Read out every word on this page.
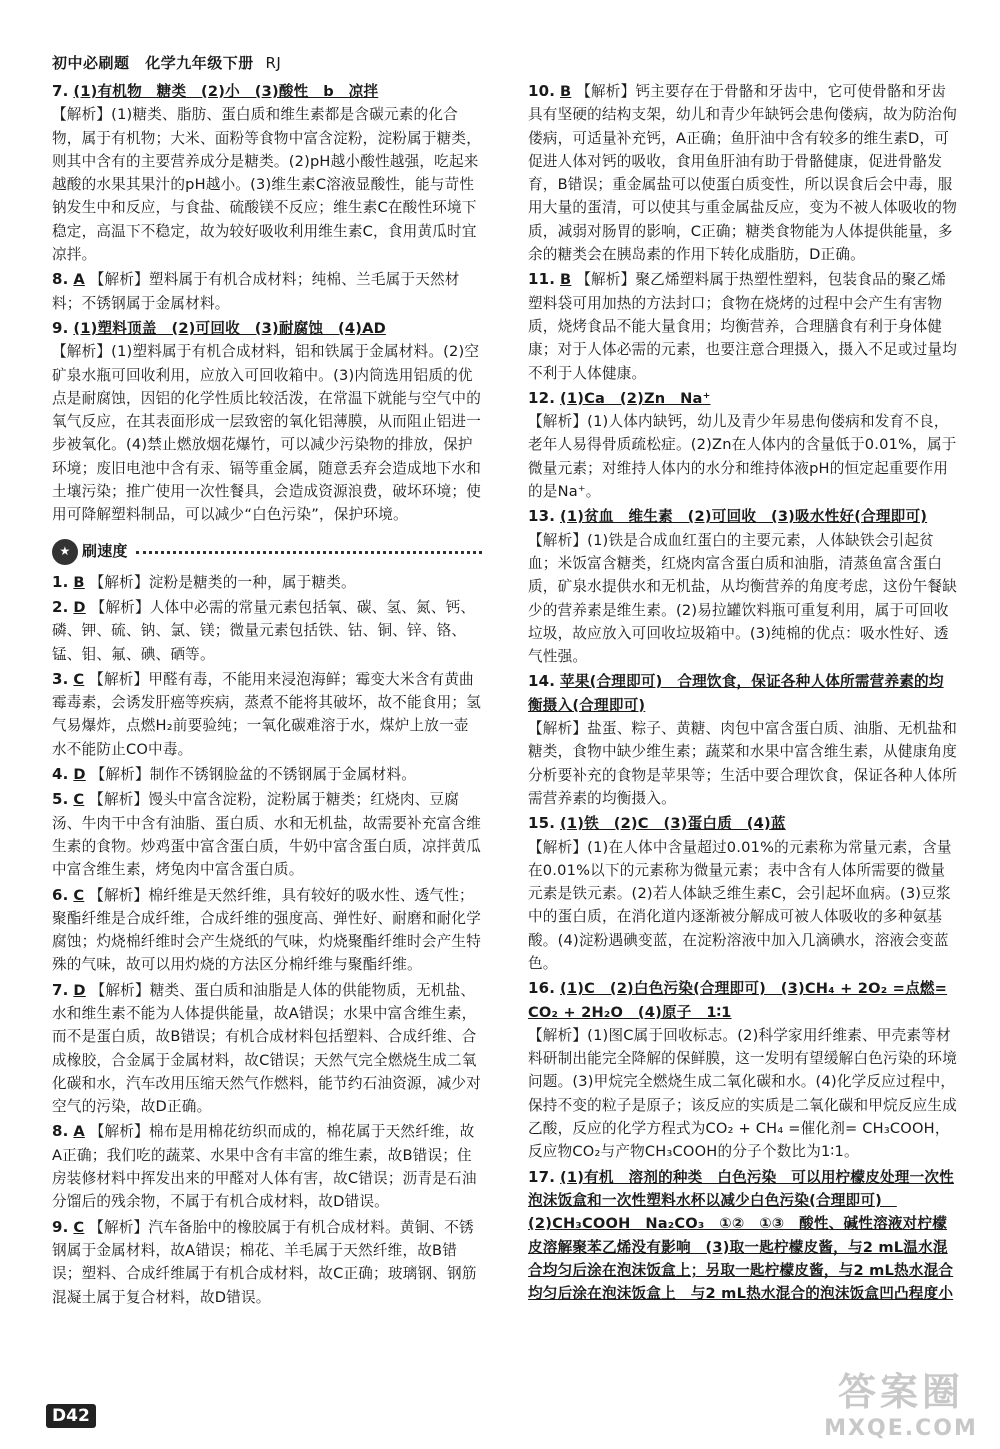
初中必刷题 化学九年级下册 RJ
7. (1)有机物　糖类　(2)小　(3)酸性　b　凉拌
【解析】(1)糖类、脂肪、蛋白质和维生素都是含碳元素的化合物，属于有机物；大米、面粉等食物中富含淀粉，淀粉属于糖类，则其中含有的主要营养成分是糖类。(2)pH越小酸性越强，吃起来越酸的水果其果汁的pH越小。(3)维生素C溶液显酸性，能与苛性钠发生中和反应，与食盐、硫酸镁不反应；维生素C在酸性环境下稳定，高温下不稳定，故为较好吸收利用维生素C，食用黄瓜时宜凉拌。
8. A 【解析】塑料属于有机合成材料；纯棉、兰毛属于天然材料；不锈钢属于金属材料。
9. (1)塑料顶盖　(2)可回收　(3)耐腐蚀　(4)AD
【解析】(1)塑料属于有机合成材料，铝和铁属于金属材料。(2)空矿泉水瓶可回收利用，应放入可回收箱中。(3)内筒选用铝质的优点是耐腐蚀，因铝的化学性质比较活泼，在常温下就能与空气中的氧气反应，在其表面形成一层致密的氧化铝薄膜，从而阻止铝进一步被氧化。(4)禁止燃放烟花爆竹，可以减少污染物的排放，保护环境；废旧电池中含有汞、镉等重金属，随意丢弃会造成地下水和土壤污染；推广使用一次性餐具，会造成资源浪费，破坏环境；使用可降解塑料制品，可以减少“白色污染”，保护环境。
★ 刷速度
1. B 【解析】淀粉是糖类的一种，属于糖类。
2. D 【解析】人体中必需的常量元素包括氧、碳、氢、氮、钙、磷、钾、硫、钠、氯、镁；微量元素包括铁、钴、铜、锌、铬、锰、钼、氟、碘、硒等。
3. C 【解析】甲醛有毒，不能用来浸泡海鲜；霉变大米含有黄曲霉毒素，会诱发肝癌等疾病，蒸煮不能将其破坏，故不能食用；氢气易爆炸，点燃H₂前要验纯；一氧化碳难溶于水，煤炉上放一壶水不能防止CO中毒。
4. D 【解析】制作不锈钢脸盆的不锈钢属于金属材料。
5. C 【解析】馒头中富含淀粉，淀粉属于糖类；红烧肉、豆腐汤、牛肉干中含有油脂、蛋白质、水和无机盐，故需要补充富含维生素的食物。炒鸡蛋中富含蛋白质，牛奶中富含蛋白质，凉拌黄瓜中富含维生素，烤兔肉中富含蛋白质。
6. C 【解析】棉纤维是天然纤维，具有较好的吸水性、透气性；聚酯纤维是合成纤维，合成纤维的强度高、弹性好、耐磨和耐化学腐蚀；灼烧棉纤维时会产生烧纸的气味，灼烧聚酯纤维时会产生特殊的气味，故可以用灼烧的方法区分棉纤维与聚酯纤维。
7. D 【解析】糖类、蛋白质和油脂是人体的供能物质，无机盐、水和维生素不能为人体提供能量，故A错误；水果中富含维生素，而不是蛋白质，故B错误；有机合成材料包括塑料、合成纤维、合成橡胶，合金属于金属材料，故C错误；天然气完全燃烧生成二氧化碳和水，汽车改用压缩天然气作燃料，能节约石油资源，减少对空气的污染，故D正确。
8. A 【解析】棉布是用棉花纺织而成的，棉花属于天然纤维，故A正确；我们吃的蔬菜、水果中含有丰富的维生素，故B错误；住房装修材料中挥发出来的甲醛对人体有害，故C错误；沥青是石油分馏后的残余物，不属于有机合成材料，故D错误。
9. C 【解析】汽车备胎中的橡胶属于有机合成材料。黄铜、不锈钢属于金属材料，故A错误；棉花、羊毛属于天然纤维，故B错误；塑料、合成纤维属于有机合成材料，故C正确；玻璃钢、钢筋混凝土属于复合材料，故D错误。
10. B 【解析】钙主要存在于骨骼和牙齿中，它可使骨骼和牙齿具有坚硬的结构支架，幼儿和青少年缺钙会患佝偻病，故为防治佝偻病，可适量补充钙，A正确；鱼肝油中含有较多的维生素D，可促进人体对钙的吸收，食用鱼肝油有助于骨骼健康，促进骨骼发育，B错误；重金属盐可以使蛋白质变性，所以误食后会中毒，服用大量的蛋清，可以使其与重金属盐反应，变为不被人体吸收的物质，减弱对肠胃的影响，C正确；糖类食物能为人体提供能量，多余的糖类会在胰岛素的作用下转化成脂肪，D正确。
11. B 【解析】聚乙烯塑料属于热塑性塑料，包装食品的聚乙烯塑料袋可用加热的方法封口；食物在烧烤的过程中会产生有害物质，烧烤食品不能大量食用；均衡营养，合理膳食有利于身体健康；对于人体必需的元素，也要注意合理摄入，摄入不足或过量均不利于人体健康。
12. (1)Ca　(2)Zn　Na⁺
【解析】(1)人体内缺钙，幼儿及青少年易患佝偻病和发育不良，老年人易得骨质疏松症。(2)Zn在人体内的含量低于0.01%，属于微量元素；对维持人体内的水分和维持体液pH的恒定起重要作用的是Na⁺。
13. (1)贫血　维生素　(2)可回收　(3)吸水性好(合理即可)
【解析】(1)铁是合成血红蛋白的主要元素，人体缺铁会引起贫血；米饭富含糖类，红烧肉富含蛋白质和油脂，清蒸鱼富含蛋白质，矿泉水提供水和无机盐，从均衡营养的角度考虑，这份午餐缺少的营养素是维生素。(2)易拉罐饮料瓶可重复利用，属于可回收垃圾，故应放入可回收垃圾箱中。(3)纯棉的优点：吸水性好、透气性强。
14. 苹果(合理即可)　合理饮食，保证各种人体所需营养素的均衡摄入(合理即可)
【解析】盐蛋、粽子、黄糖、肉包中富含蛋白质、油脂、无机盐和糖类，食物中缺少维生素；蔬菜和水果中富含维生素，从健康角度分析要补充的食物是苹果等；生活中要合理饮食，保证各种人体所需营养素的均衡摄入。
15. (1)铁　(2)C　(3)蛋白质　(4)蓝
【解析】(1)在人体中含量超过0.01%的元素称为常量元素，含量在0.01%以下的元素称为微量元素；表中含有人体所需要的微量元素是铁元素。(2)若人体缺乏维生素C，会引起坏血病。(3)豆浆中的蛋白质，在消化道内逐渐被分解成可被人体吸收的多种氨基酸。(4)淀粉遇碘变蓝，在淀粉溶液中加入几滴碘水，溶液会变蓝色。
16. (1)C　(2)白色污染(合理即可)　(3)CH₄ + 2O₂ =点燃= CO₂ + 2H₂O　(4)原子　1∶1
【解析】(1)图C属于回收标志。(2)科学家用纤维素、甲壳素等材料研制出能完全降解的保鲜膜，这一发明有望缓解白色污染的环境问题。(3)甲烷完全燃烧生成二氧化碳和水。(4)化学反应过程中，保持不变的粒子是原子；该反应的实质是二氧化碳和甲烷反应生成乙酸，反应的化学方程式为CO₂ + CH₄ =催化剂= CH₃COOH，反应物CO₂与产物CH₃COOH的分子个数比为1∶1。
17. (1)有机　溶剂的种类　白色污染　可以用柠檬皮处理一次性泡沫饭盒和一次性塑料水杯以减少白色污染(合理即可)　(2)CH₃COOH　Na₂CO₃　①②　①③　酸性、碱性溶液对柠檬皮溶解聚苯乙烯没有影响　(3)取一匙柠檬皮酱，与2 mL温水混合均匀后涂在泡沫饭盒上；另取一匙柠檬皮酱，与2 mL热水混合均匀后涂在泡沫饭盒上　与2 mL热水混合的泡沫饭盒凹凸程度小
D42
答案圈
MXQE.COM
